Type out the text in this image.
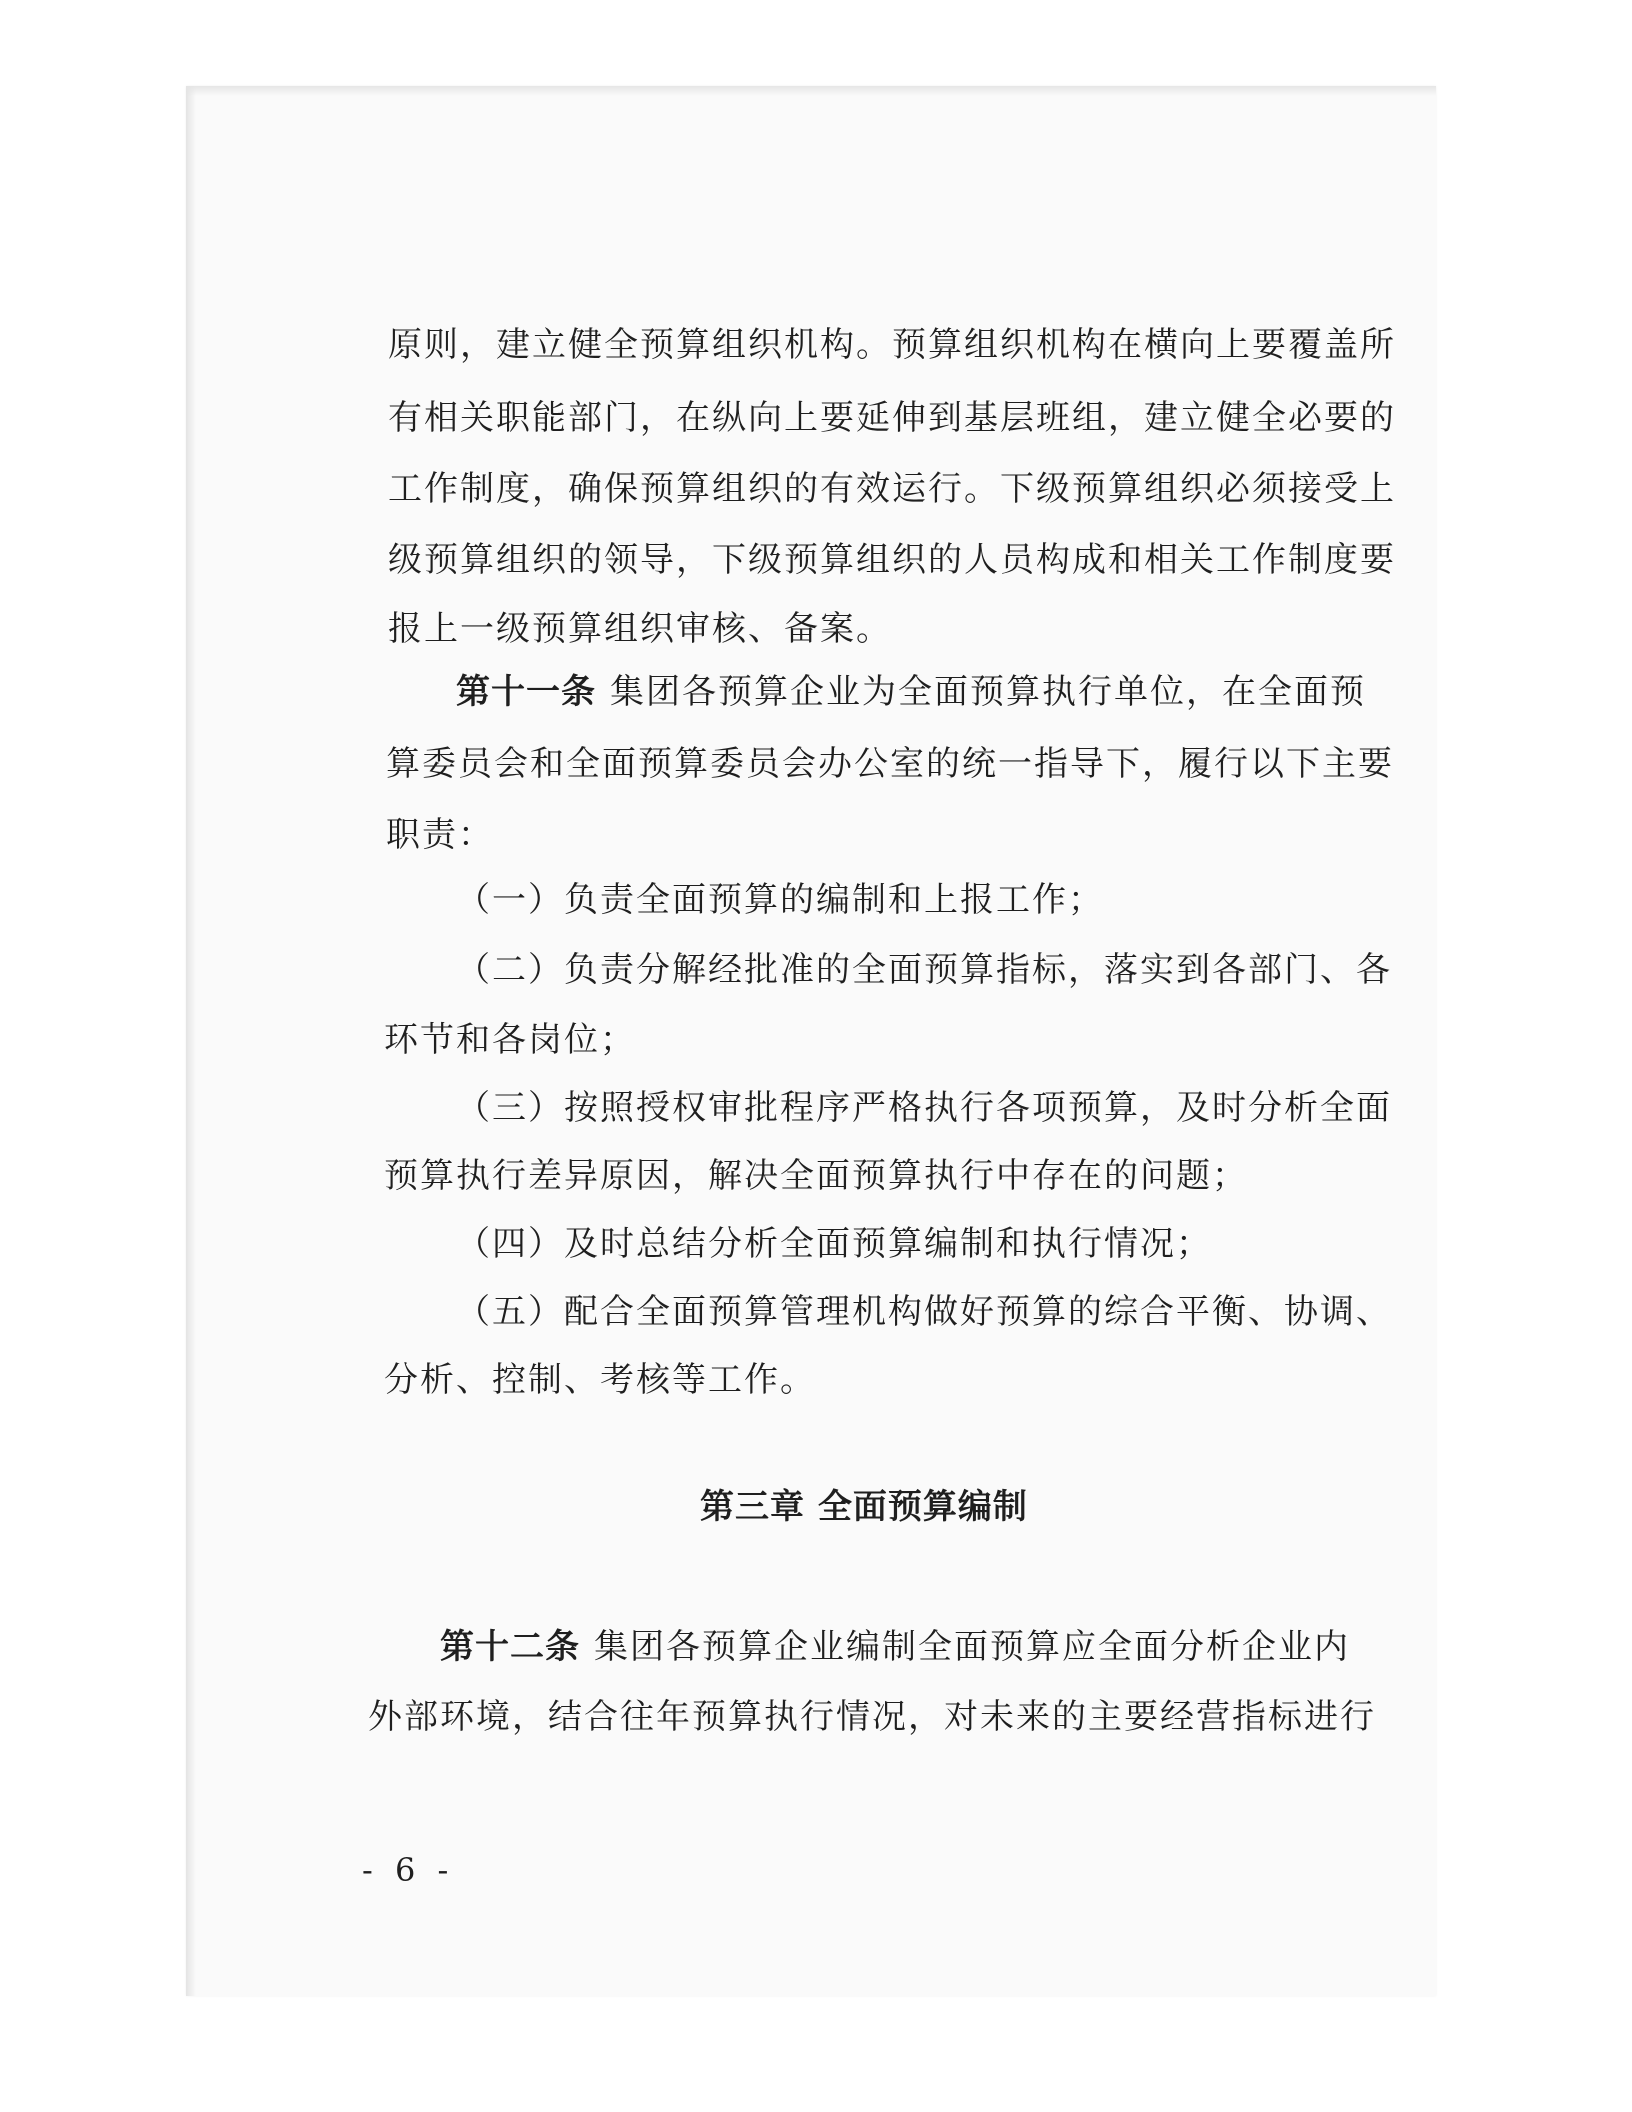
原则，建立健全预算组织机构。预算组织机构在横向上要覆盖所
有相关职能部门，在纵向上要延伸到基层班组，建立健全必要的
工作制度，确保预算组织的有效运行。下级预算组织必须接受上
级预算组织的领导，下级预算组织的人员构成和相关工作制度要
报上一级预算组织审核、备案。
第十一条 集团各预算企业为全面预算执行单位，在全面预
算委员会和全面预算委员会办公室的统一指导下，履行以下主要
职责：
（一）负责全面预算的编制和上报工作；
（二）负责分解经批准的全面预算指标，落实到各部门、各
环节和各岗位；
（三）按照授权审批程序严格执行各项预算，及时分析全面
预算执行差异原因，解决全面预算执行中存在的问题；
（四）及时总结分析全面预算编制和执行情况；
（五）配合全面预算管理机构做好预算的综合平衡、协调、
分析、控制、考核等工作。
第三章 全面预算编制
第十二条 集团各预算企业编制全面预算应全面分析企业内
外部环境，结合往年预算执行情况，对未来的主要经营指标进行
- 6 -
